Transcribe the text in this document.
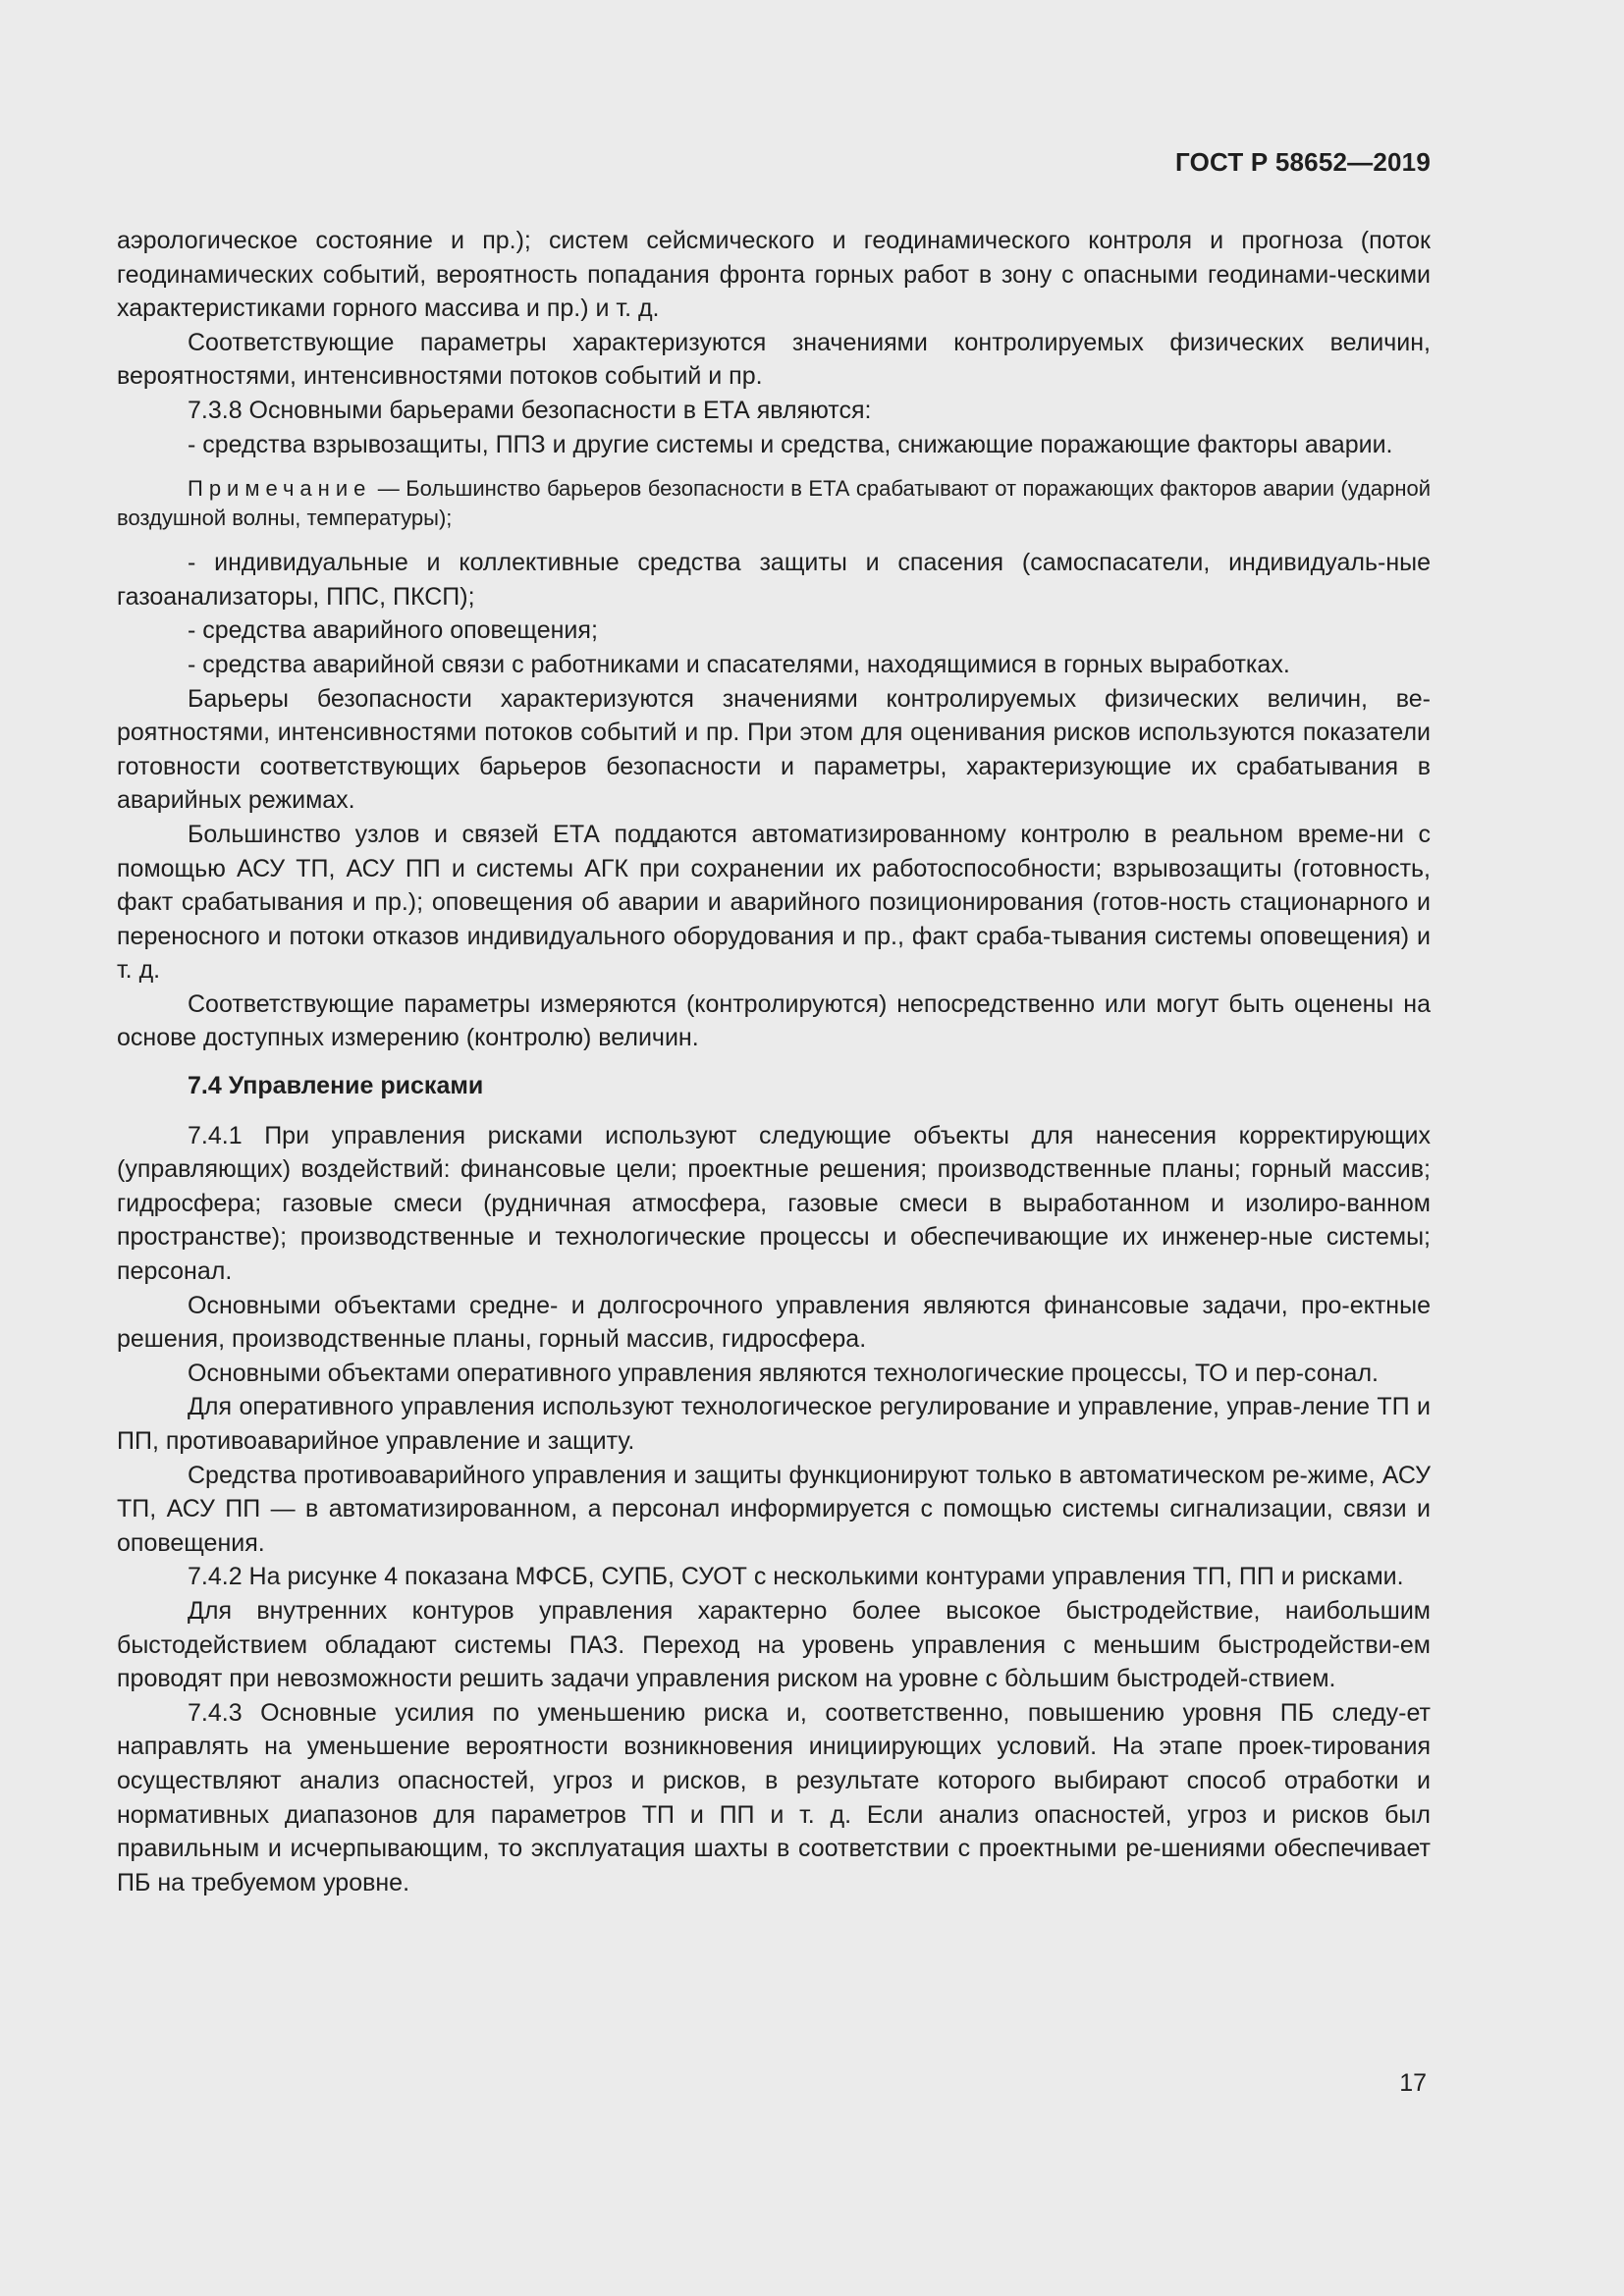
ГОСТ Р 58652—2019
аэрологическое состояние и пр.); систем сейсмического и геодинамического контроля и прогноза (поток геодинамических событий, вероятность попадания фронта горных работ в зону с опасными геодинами-ческими характеристиками горного массива и пр.) и т. д.
Соответствующие параметры характеризуются значениями контролируемых физических величин, вероятностями, интенсивностями потоков событий и пр.
7.3.8 Основными барьерами безопасности в ЕТА являются:
- средства взрывозащиты, ППЗ и другие системы и средства, снижающие поражающие факторы аварии.
Примечание — Большинство барьеров безопасности в ЕТА срабатывают от поражающих факторов аварии (ударной воздушной волны, температуры);
- индивидуальные и коллективные средства защиты и спасения (самоспасатели, индивидуаль-ные газоанализаторы, ППС, ПКСП);
- средства аварийного оповещения;
- средства аварийной связи с работниками и спасателями, находящимися в горных выработках.
Барьеры безопасности характеризуются значениями контролируемых физических величин, ве-роятностями, интенсивностями потоков событий и пр. При этом для оценивания рисков используются показатели готовности соответствующих барьеров безопасности и параметры, характеризующие их срабатывания в аварийных режимах.
Большинство узлов и связей ЕТА поддаются автоматизированному контролю в реальном време-ни с помощью АСУ ТП, АСУ ПП и системы АГК при сохранении их работоспособности; взрывозащиты (готовность, факт срабатывания и пр.); оповещения об аварии и аварийного позиционирования (готов-ность стационарного и переносного и потоки отказов индивидуального оборудования и пр., факт сраба-тывания системы оповещения) и т. д.
Соответствующие параметры измеряются (контролируются) непосредственно или могут быть оценены на основе доступных измерению (контролю) величин.
7.4 Управление рисками
7.4.1 При управления рисками используют следующие объекты для нанесения корректирующих (управляющих) воздействий: финансовые цели; проектные решения; производственные планы; горный массив; гидросфера; газовые смеси (рудничная атмосфера, газовые смеси в выработанном и изолиро-ванном пространстве); производственные и технологические процессы и обеспечивающие их инженер-ные системы; персонал.
Основными объектами средне- и долгосрочного управления являются финансовые задачи, про-ектные решения, производственные планы, горный массив, гидросфера.
Основными объектами оперативного управления являются технологические процессы, ТО и пер-сонал.
Для оперативного управления используют технологическое регулирование и управление, управ-ление ТП и ПП, противоаварийное управление и защиту.
Средства противоаварийного управления и защиты функционируют только в автоматическом ре-жиме, АСУ ТП, АСУ ПП — в автоматизированном, а персонал информируется с помощью системы сигнализации, связи и оповещения.
7.4.2 На рисунке 4 показана МФСБ, СУПБ, СУОТ с несколькими контурами управления ТП, ПП и рисками.
Для внутренних контуров управления характерно более высокое быстродействие, наибольшим быстодействием обладают системы ПАЗ. Переход на уровень управления с меньшим быстродействи-ем проводят при невозможности решить задачи управления риском на уровне с бо̀льшим быстродей-ствием.
7.4.3 Основные усилия по уменьшению риска и, соответственно, повышению уровня ПБ следу-ет направлять на уменьшение вероятности возникновения инициирующих условий. На этапе проек-тирования осуществляют анализ опасностей, угроз и рисков, в результате которого выбирают способ отработки и нормативных диапазонов для параметров ТП и ПП и т. д. Если анализ опасностей, угроз и рисков был правильным и исчерпывающим, то эксплуатация шахты в соответствии с проектными ре-шениями обеспечивает ПБ на требуемом уровне.
17
